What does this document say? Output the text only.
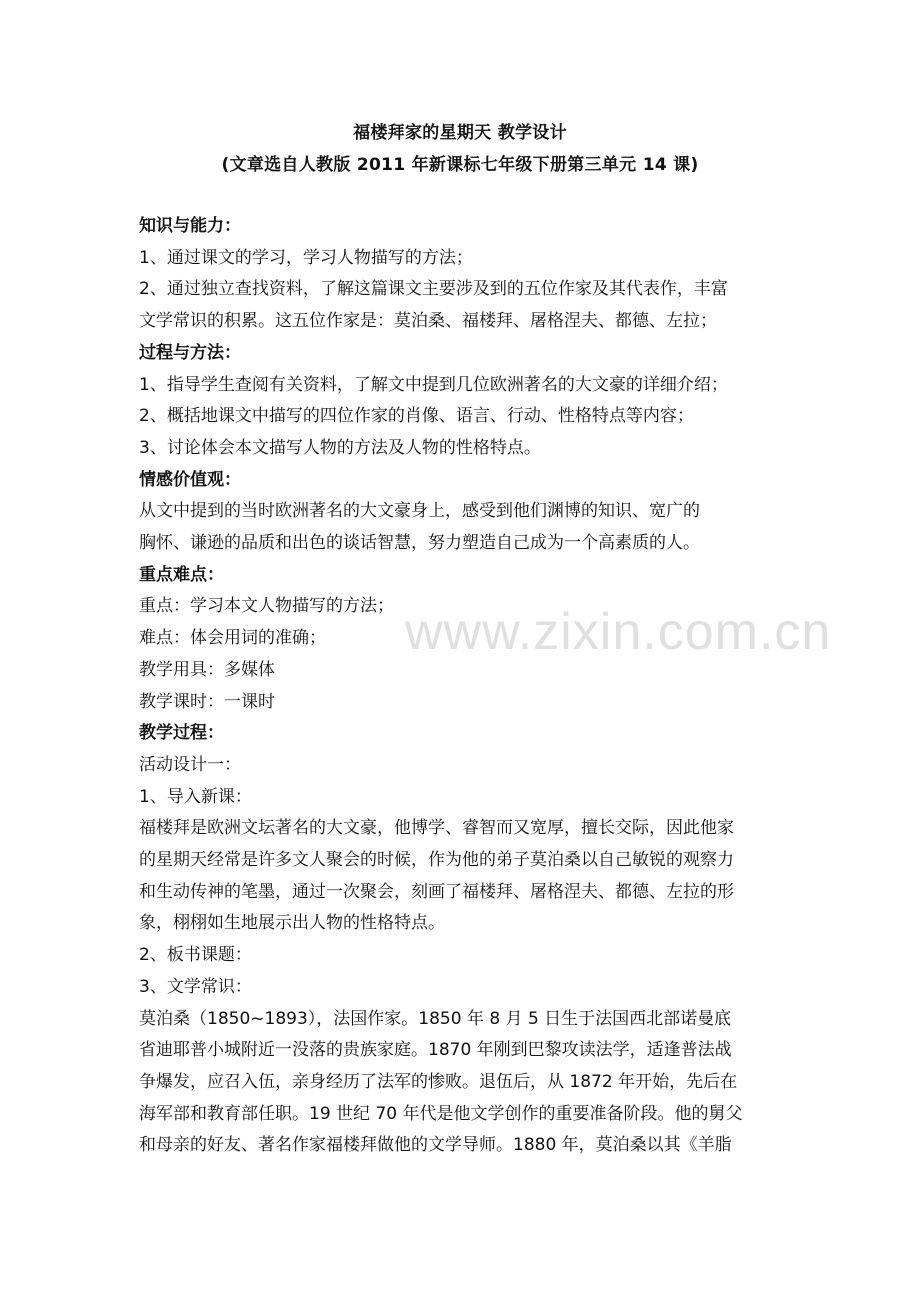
福楼拜家的星期天 教学设计
(文章选自人教版 2011 年新课标七年级下册第三单元 14 课)

知识与能力：

1、通过课文的学习，学习人物描写的方法；

2、通过独立查找资料，了解这篇课文主要涉及到的五位作家及其代表作，丰富

文学常识的积累。这五位作家是：莫泊桑、福楼拜、屠格涅夫、都德、左拉；

过程与方法：

1、指导学生查阅有关资料，了解文中提到几位欧洲著名的大文豪的详细介绍；

2、概括地课文中描写的四位作家的肖像、语言、行动、性格特点等内容；

3、讨论体会本文描写人物的方法及人物的性格特点。

情感价值观：

从文中提到的当时欧洲著名的大文豪身上，感受到他们渊博的知识、宽广的

胸怀、谦逊的品质和出色的谈话智慧，努力塑造自己成为一个高素质的人。

重点难点：

重点：学习本文人物描写的方法；

难点：体会用词的准确；

教学用具：多媒体

教学课时：一课时

教学过程：

活动设计一：

1、导入新课：

福楼拜是欧洲文坛著名的大文豪，他博学、睿智而又宽厚，擅长交际，因此他家

的星期天经常是许多文人聚会的时候，作为他的弟子莫泊桑以自己敏锐的观察力

和生动传神的笔墨，通过一次聚会，刻画了福楼拜、屠格涅夫、都德、左拉的形

象，栩栩如生地展示出人物的性格特点。

2、板书课题：

3、文学常识：

莫泊桑（1850~1893），法国作家。1850 年 8 月 5 日生于法国西北部诺曼底

省迪耶普小城附近一没落的贵族家庭。1870 年刚到巴黎攻读法学，适逢普法战

争爆发，应召入伍，亲身经历了法军的惨败。退伍后，从 1872 年开始，先后在

海军部和教育部任职。19 世纪 70 年代是他文学创作的重要准备阶段。他的舅父

和母亲的好友、著名作家福楼拜做他的文学导师。1880 年，莫泊桑以其《羊脂

www.zixin.com.cn
